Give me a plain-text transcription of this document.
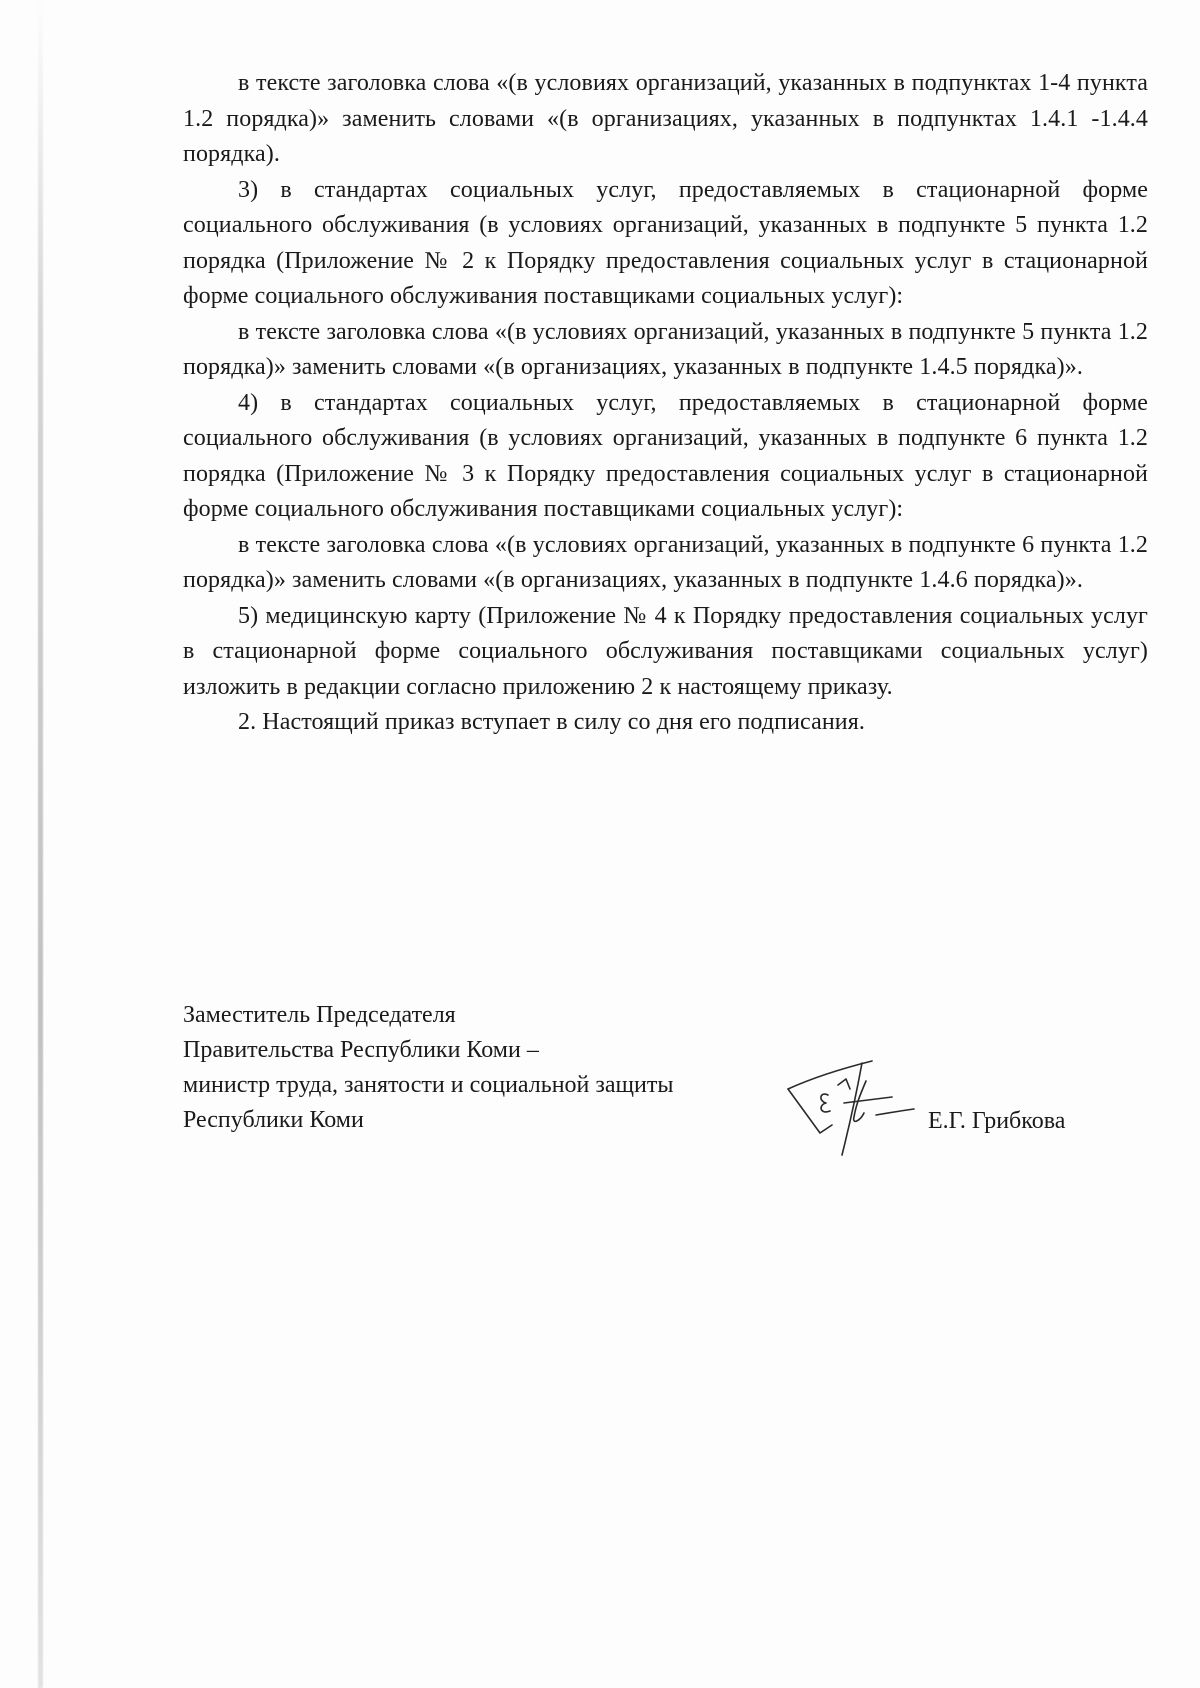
в тексте заголовка слова «(в условиях организаций, указанных в подпунктах 1-4 пункта 1.2 порядка)» заменить словами «(в организациях, указанных в подпунктах 1.4.1 -1.4.4 порядка).

3) в стандартах социальных услуг, предоставляемых в стационарной форме социального обслуживания (в условиях организаций, указанных в подпункте 5 пункта 1.2 порядка (Приложение № 2 к Порядку предоставления социальных услуг в стационарной форме социального обслуживания поставщиками социальных услуг):

в тексте заголовка слова «(в условиях организаций, указанных в подпункте 5 пункта 1.2 порядка)» заменить словами «(в организациях, указанных в подпункте 1.4.5 порядка)».

4) в стандартах социальных услуг, предоставляемых в стационарной форме социального обслуживания (в условиях организаций, указанных в подпункте 6 пункта 1.2 порядка (Приложение № 3 к Порядку предоставления социальных услуг в стационарной форме социального обслуживания поставщиками социальных услуг):

в тексте заголовка слова «(в условиях организаций, указанных в подпункте 6 пункта 1.2 порядка)» заменить словами «(в организациях, указанных в подпункте 1.4.6 порядка)».

5) медицинскую карту (Приложение № 4 к Порядку предоставления социальных услуг в стационарной форме социального обслуживания поставщиками социальных услуг) изложить в редакции согласно приложению 2 к настоящему приказу.

2. Настоящий приказ вступает в силу со дня его подписания.

Заместитель Председателя
Правительства Республики Коми –
министр труда, занятости и социальной защиты
Республики Коми	Е.Г. Грибкова
